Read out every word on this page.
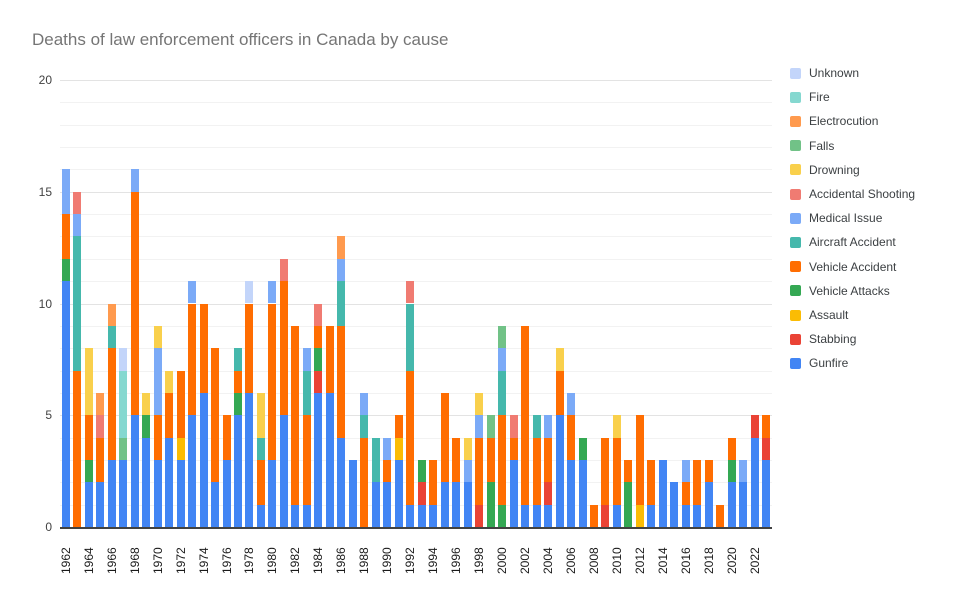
Deaths of law enforcement officers in Canada by cause
0
5
10
15
20
1962 1964 1966 1968 1970 1972 1974 1976 1978 1980 1982 1984 1986 1988 1990 1992 1994 1996 1998 2000 2002 2004 2006 2008 2010 2012 2014 2016 2018 2020 2022
Unknown
Fire
Electrocution
Falls
Drowning
Accidental Shooting
Medical Issue
Aircraft Accident
Vehicle Accident
Vehicle Attacks
Assault
Stabbing
Gunfire
